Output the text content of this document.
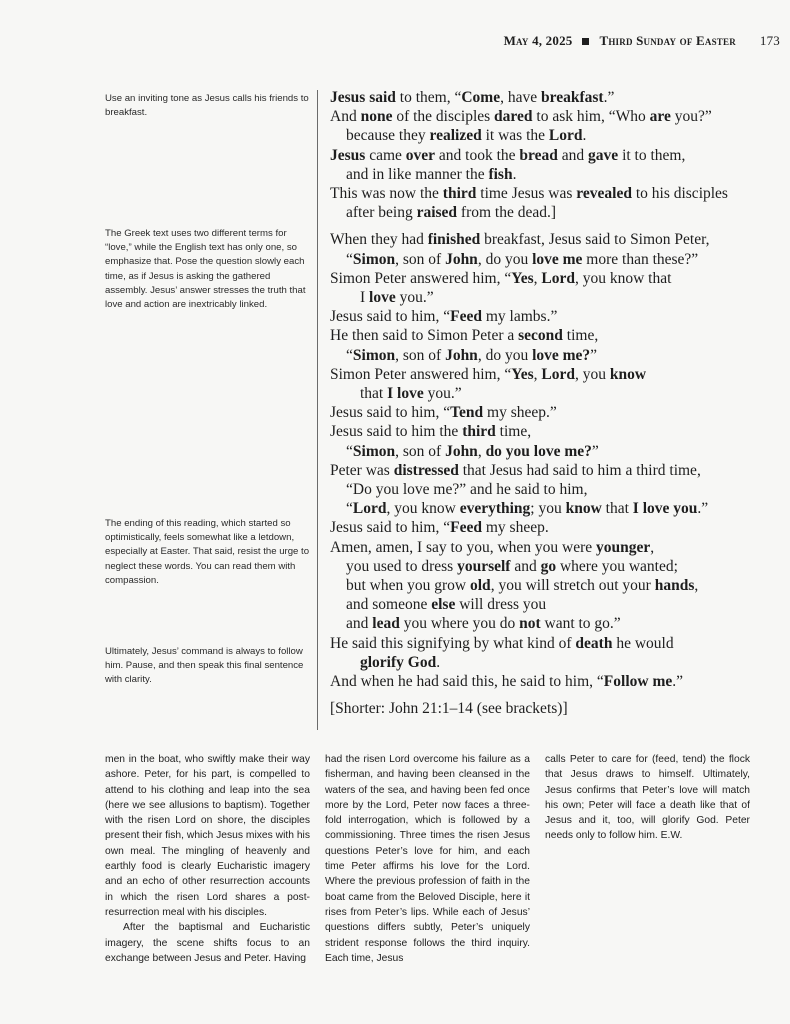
May 4, 2025 Third Sunday of Easter 173
Use an inviting tone as Jesus calls his friends to breakfast.
The Greek text uses two different terms for “love,” while the English text has only one, so emphasize that. Pose the question slowly each time, as if Jesus is asking the gathered assembly. Jesus’ answer stresses the truth that love and action are inextricably linked.
The ending of this reading, which started so optimistically, feels somewhat like a letdown, especially at Easter. That said, resist the urge to neglect these words. You can read them with compassion.
Ultimately, Jesus’ command is always to follow him. Pause, and then speak this final sentence with clarity.
Jesus said to them, “Come, have breakfast.”
And none of the disciples dared to ask him, “Who are you?”
because they realized it was the Lord.
Jesus came over and took the bread and gave it to them,
and in like manner the fish.
This was now the third time Jesus was revealed to his disciples
after being raised from the dead.]
When they had finished breakfast, Jesus said to Simon Peter,
“Simon, son of John, do you love me more than these?”
Simon Peter answered him, “Yes, Lord, you know that
I love you.”
Jesus said to him, “Feed my lambs.”
He then said to Simon Peter a second time,
“Simon, son of John, do you love me?”
Simon Peter answered him, “Yes, Lord, you know
that I love you.”
Jesus said to him, “Tend my sheep.”
Jesus said to him the third time,
“Simon, son of John, do you love me?”
Peter was distressed that Jesus had said to him a third time,
“Do you love me?” and he said to him,
“Lord, you know everything; you know that I love you.”
Jesus said to him, “Feed my sheep.
Amen, amen, I say to you, when you were younger,
you used to dress yourself and go where you wanted;
but when you grow old, you will stretch out your hands,
and someone else will dress you
and lead you where you do not want to go.”
He said this signifying by what kind of death he would
glorify God.
And when he had said this, he said to him, “Follow me.”
[Shorter: John 21:1–14 (see brackets)]

men in the boat, who swiftly make their way ashore. Peter, for his part, is compelled to attend to his clothing and leap into the sea (here we see allusions to baptism). Together with the risen Lord on shore, the disciples present their fish, which Jesus mixes with his own meal. The mingling of heavenly and earthly food is clearly Eucharistic imagery and an echo of other resurrection accounts in which the risen Lord shares a post-resurrection meal with his disciples.

After the baptismal and Eucharistic imagery, the scene shifts focus to an exchange between Jesus and Peter. Having

had the risen Lord overcome his failure as a fisherman, and having been cleansed in the waters of the sea, and having been fed once more by the Lord, Peter now faces a three-fold interrogation, which is followed by a commissioning. Three times the risen Jesus questions Peter’s love for him, and each time Peter affirms his love for the Lord. Where the previous profession of faith in the boat came from the Beloved Disciple, here it rises from Peter’s lips. While each of Jesus’ questions differs subtly, Peter’s uniquely strident response follows the third inquiry. Each time, Jesus

calls Peter to care for (feed, tend) the flock that Jesus draws to himself. Ultimately, Jesus confirms that Peter’s love will match his own; Peter will face a death like that of Jesus and it, too, will glorify God. Peter needs only to follow him. E.W.
